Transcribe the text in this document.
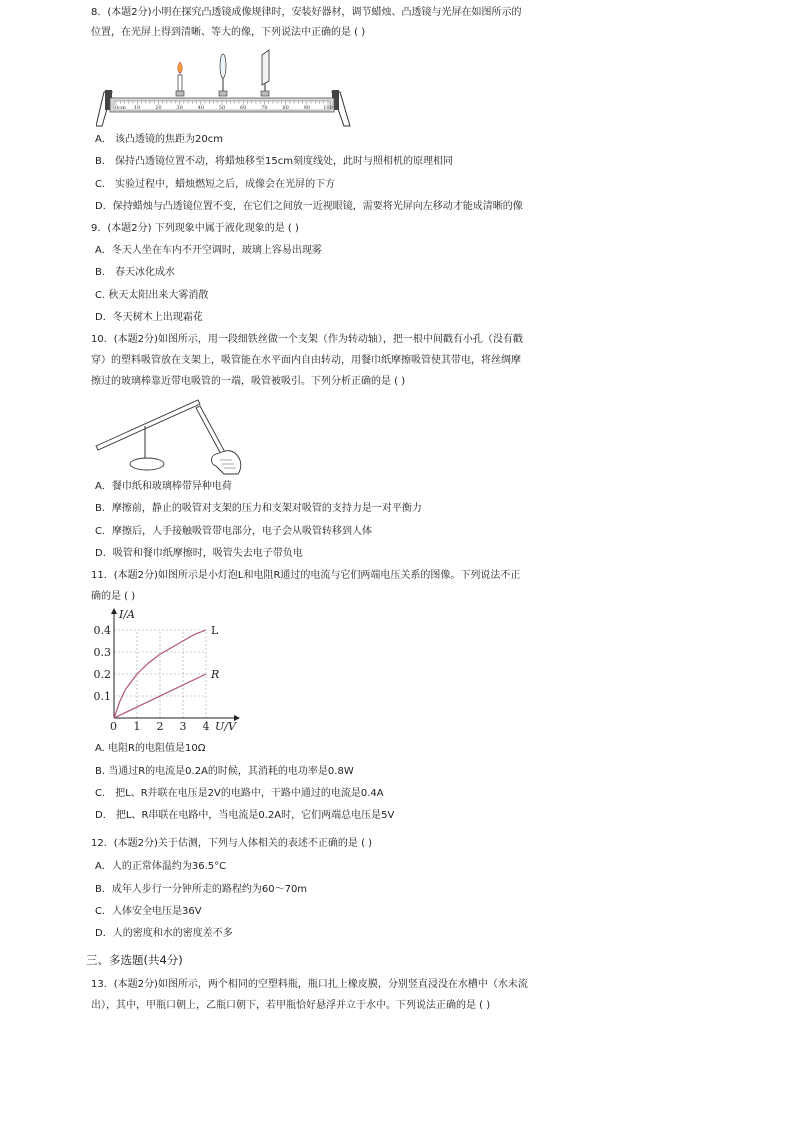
8．(本题2分)小明在探究凸透镜成像规律时，安装好器材，调节蜡烛、凸透镜与光屏在如图所示的
位置，在光屏上得到清晰、等大的像，下列说法中正确的是 ( )
0cm 10	20	30	40	50	60	70	80	90	100
A． 该凸透镜的焦距为20cm
B． 保持凸透镜位置不动，将蜡烛移至15cm刻度线处，此时与照相机的原理相同
C． 实验过程中，蜡烛燃短之后，成像会在光屏的下方
D．保持蜡烛与凸透镜位置不变，在它们之间放一近视眼镜，需要将光屏向左移动才能成清晰的像
9．(本题2分) 下列现象中属于液化现象的是 ( )
A．冬天人坐在车内不开空调时，玻璃上容易出现雾
B． 春天冰化成水
C. 秋天太阳出来大雾消散
D．冬天树木上出现霜花
10．(本题2分)如图所示，用一段细铁丝做一个支架（作为转动轴），把一根中间戳有小孔（没有戳
穿）的塑料吸管放在支架上，吸管能在水平面内自由转动，用餐巾纸摩擦吸管使其带电，将丝绸摩
擦过的玻璃棒靠近带电吸管的一端，吸管被吸引。下列分析正确的是 ( )
A．餐巾纸和玻璃棒带异种电荷
B．摩擦前，静止的吸管对支架的压力和支架对吸管的支持力是一对平衡力
C．摩擦后，人手接触吸管带电部分，电子会从吸管转移到人体
D．吸管和餐巾纸摩擦时，吸管失去电子带负电
11．(本题2分)如图所示是小灯泡L和电阻R通过的电流与它们两端电压关系的图像。下列说法不正
确的是 ( )
1 2 3 4
0.1
0.2
0.3
0.4	L
R
I/A
U/V
0
A. 电阻R的电阻值是10Ω
B. 当通过R的电流是0.2A的时候，其消耗的电功率是0.8W
C． 把L、R并联在电压是2V的电路中，干路中通过的电流是0.4A
D． 把L、R串联在电路中，当电流是0.2A时，它们两端总电压是5V
12．(本题2分)关于估测，下列与人体相关的表述不正确的是 ( )
A．人的正常体温约为36.5°C
B．成年人步行一分钟所走的路程约为60～70m
C．人体安全电压是36V
D．人的密度和水的密度差不多
三、多选题(共4分)
13．(本题2分)如图所示，两个相同的空塑料瓶，瓶口扎上橡皮膜，分别竖直浸没在水槽中（水未流
出），其中，甲瓶口朝上，乙瓶口朝下，若甲瓶恰好悬浮并立于水中。下列说法正确的是 ( )
